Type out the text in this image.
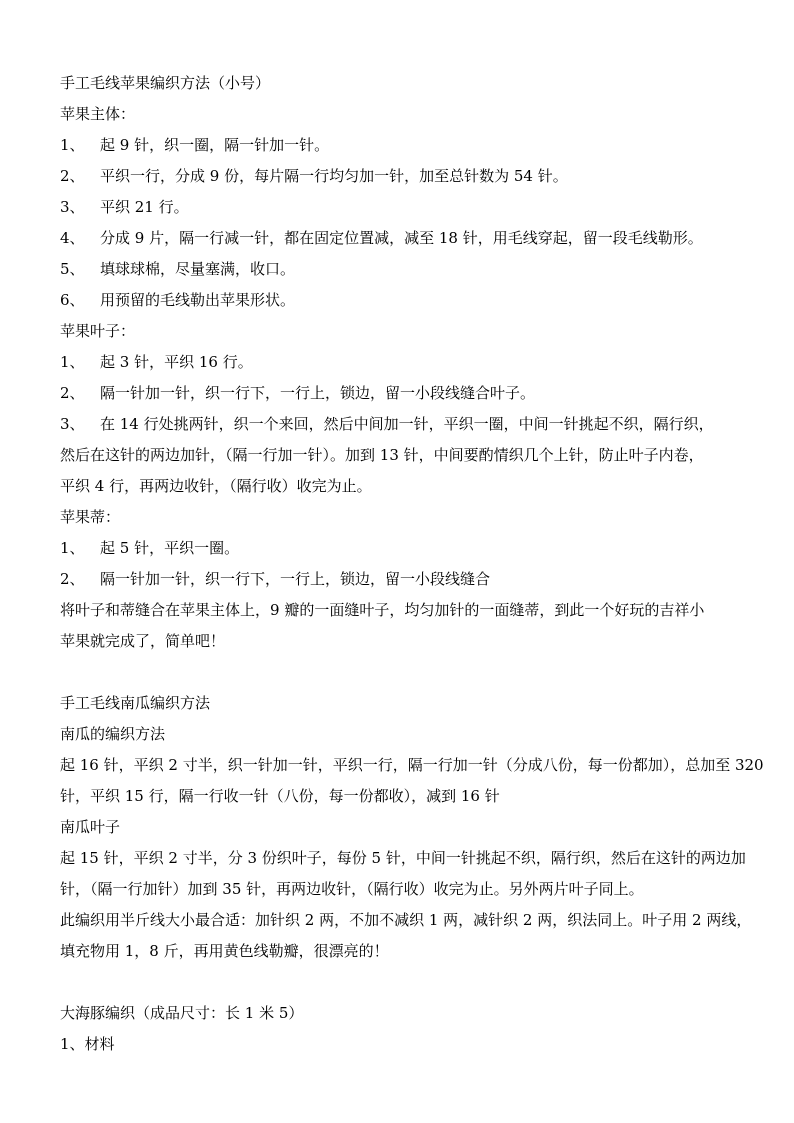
手工毛线苹果编织方法（小号）

苹果主体：

1、 起 9 针，织一圈，隔一针加一针。

2、 平织一行，分成 9 份，每片隔一行均匀加一针，加至总针数为 54 针。

3、 平织 21 行。

4、 分成 9 片，隔一行减一针，都在固定位置减，减至 18 针，用毛线穿起，留一段毛线勒形。

5、 填球球棉，尽量塞满，收口。

6、 用预留的毛线勒出苹果形状。

苹果叶子：

1、 起 3 针，平织 16 行。

2、 隔一针加一针，织一行下，一行上，锁边，留一小段线缝合叶子。

3、 在 14 行处挑两针，织一个来回，然后中间加一针，平织一圈，中间一针挑起不织，隔行织，

然后在这针的两边加针，（隔一行加一针）。加到 13 针，中间要酌情织几个上针，防止叶子内卷，

平织 4 行，再两边收针，（隔行收）收完为止。

苹果蒂：

1、 起 5 针，平织一圈。

2、 隔一针加一针，织一行下，一行上，锁边，留一小段线缝合

将叶子和蒂缝合在苹果主体上，9 瓣的一面缝叶子，均匀加针的一面缝蒂，到此一个好玩的吉祥小

苹果就完成了，简单吧！

手工毛线南瓜编织方法

南瓜的编织方法

起 16 针，平织 2 寸半，织一针加一针，平织一行，隔一行加一针（分成八份，每一份都加），总加至 320

针，平织 15 行，隔一行收一针（八份，每一份都收），减到 16 针

南瓜叶子

起 15 针，平织 2 寸半，分 3 份织叶子，每份 5 针，中间一针挑起不织，隔行织，然后在这针的两边加

针，（隔一行加针）加到 35 针，再两边收针，（隔行收）收完为止。另外两片叶子同上。

此编织用半斤线大小最合适：加针织 2 两，不加不减织 1 两，减针织 2 两，织法同上。叶子用 2 两线，

填充物用 1，8 斤，再用黄色线勒瓣，很漂亮的！

大海豚编织（成品尺寸：长 1 米 5）

1、材料
